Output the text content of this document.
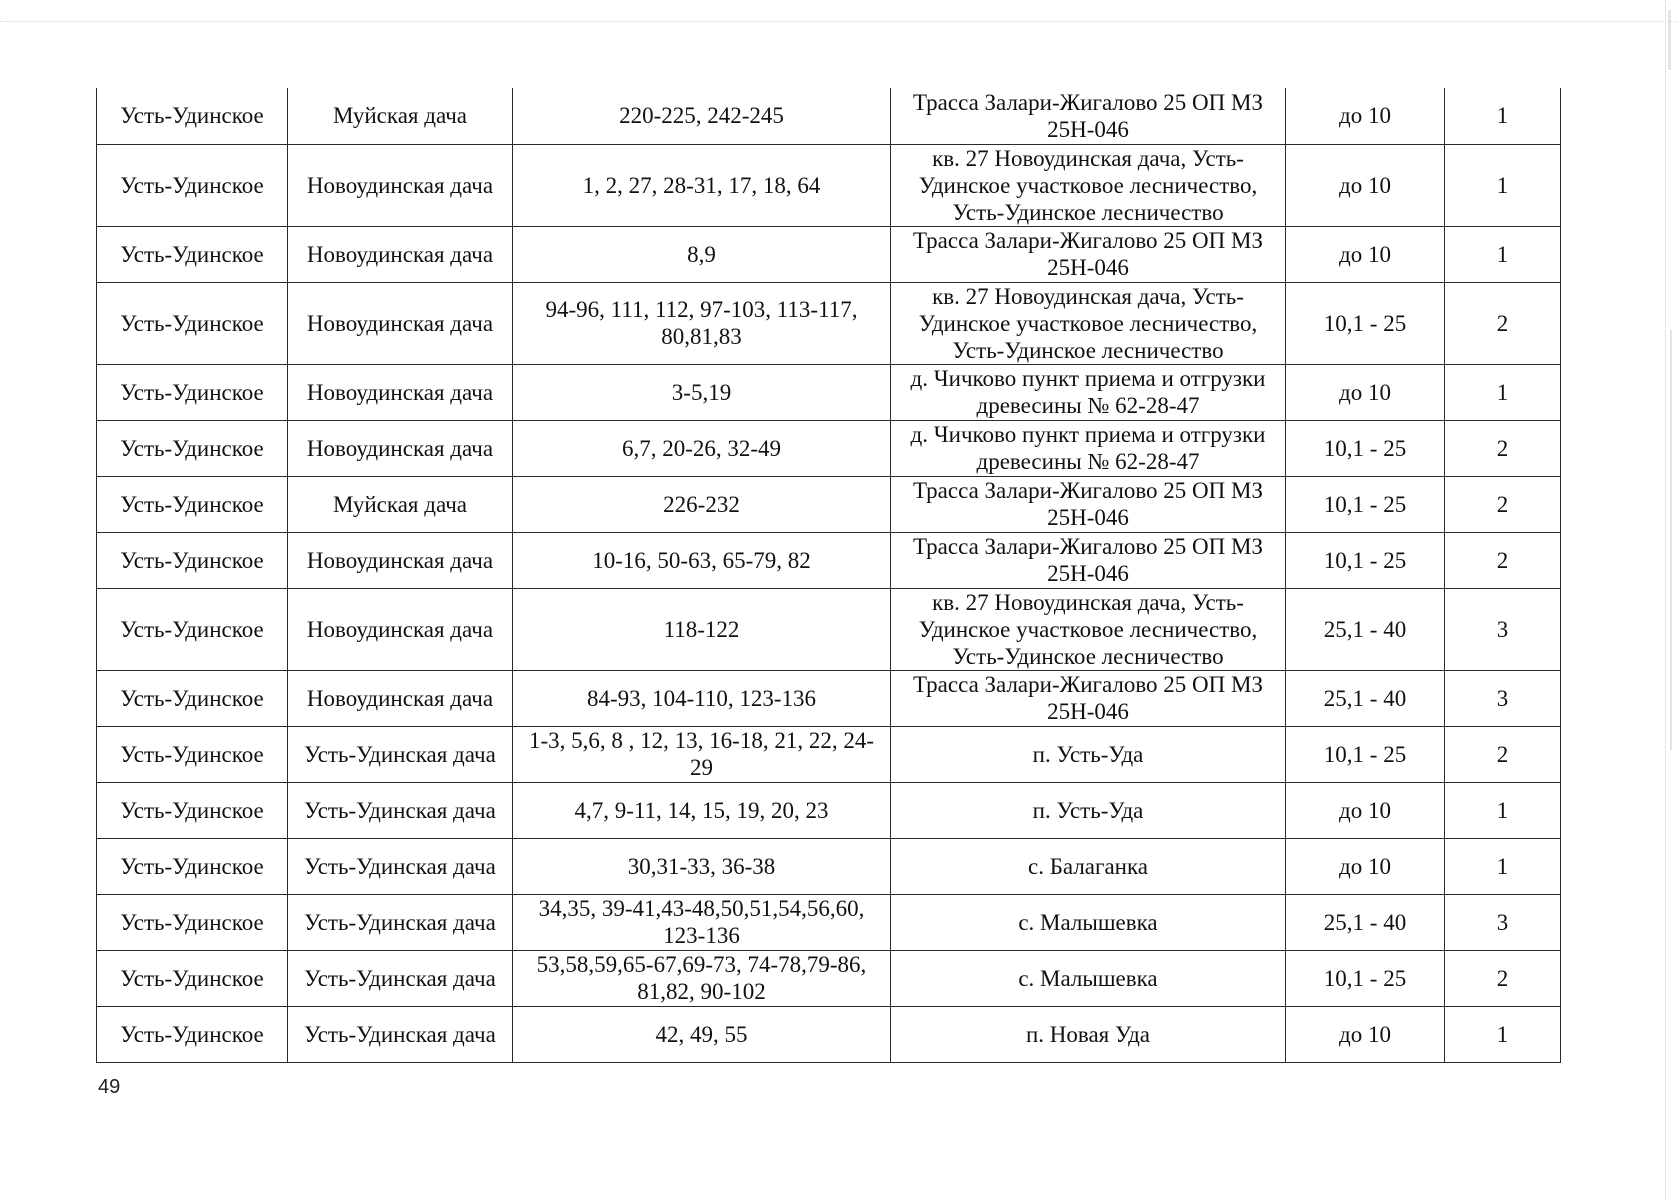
Усть-Удинское	Муйская дача	220-225, 242-245	Трасса Залари-Жигалово 25 ОП МЗ 25Н-046	до 10	1
Усть-Удинское	Новоудинская дача	1, 2, 27, 28-31, 17, 18, 64	кв. 27 Новоудинская дача, Усть-Удинское участковое лесничество, Усть-Удинское лесничество	до 10	1
Усть-Удинское	Новоудинская дача	8,9	Трасса Залари-Жигалово 25 ОП МЗ 25Н-046	до 10	1
Усть-Удинское	Новоудинская дача	94-96, 111, 112, 97-103, 113-117, 80,81,83	кв. 27 Новоудинская дача, Усть-Удинское участковое лесничество, Усть-Удинское лесничество	10,1 - 25	2
Усть-Удинское	Новоудинская дача	3-5,19	д. Чичково пункт приема и отгрузки древесины № 62-28-47	до 10	1
Усть-Удинское	Новоудинская дача	6,7, 20-26, 32-49	д. Чичково пункт приема и отгрузки древесины № 62-28-47	10,1 - 25	2
Усть-Удинское	Муйская дача	226-232	Трасса Залари-Жигалово 25 ОП МЗ 25Н-046	10,1 - 25	2
Усть-Удинское	Новоудинская дача	10-16, 50-63, 65-79, 82	Трасса Залари-Жигалово 25 ОП МЗ 25Н-046	10,1 - 25	2
Усть-Удинское	Новоудинская дача	118-122	кв. 27 Новоудинская дача, Усть-Удинское участковое лесничество, Усть-Удинское лесничество	25,1 - 40	3
Усть-Удинское	Новоудинская дача	84-93, 104-110, 123-136	Трасса Залари-Жигалово 25 ОП МЗ 25Н-046	25,1 - 40	3
Усть-Удинское	Усть-Удинская дача	1-3, 5,6, 8 , 12, 13, 16-18, 21, 22, 24-29	п. Усть-Уда	10,1 - 25	2
Усть-Удинское	Усть-Удинская дача	4,7, 9-11, 14, 15, 19, 20, 23	п. Усть-Уда	до 10	1
Усть-Удинское	Усть-Удинская дача	30,31-33, 36-38	с. Балаганка	до 10	1
Усть-Удинское	Усть-Удинская дача	34,35, 39-41,43-48,50,51,54,56,60, 123-136	с. Малышевка	25,1 - 40	3
Усть-Удинское	Усть-Удинская дача	53,58,59,65-67,69-73, 74-78,79-86, 81,82, 90-102	с. Малышевка	10,1 - 25	2
Усть-Удинское	Усть-Удинская дача	42, 49, 55	п. Новая Уда	до 10	1
49
